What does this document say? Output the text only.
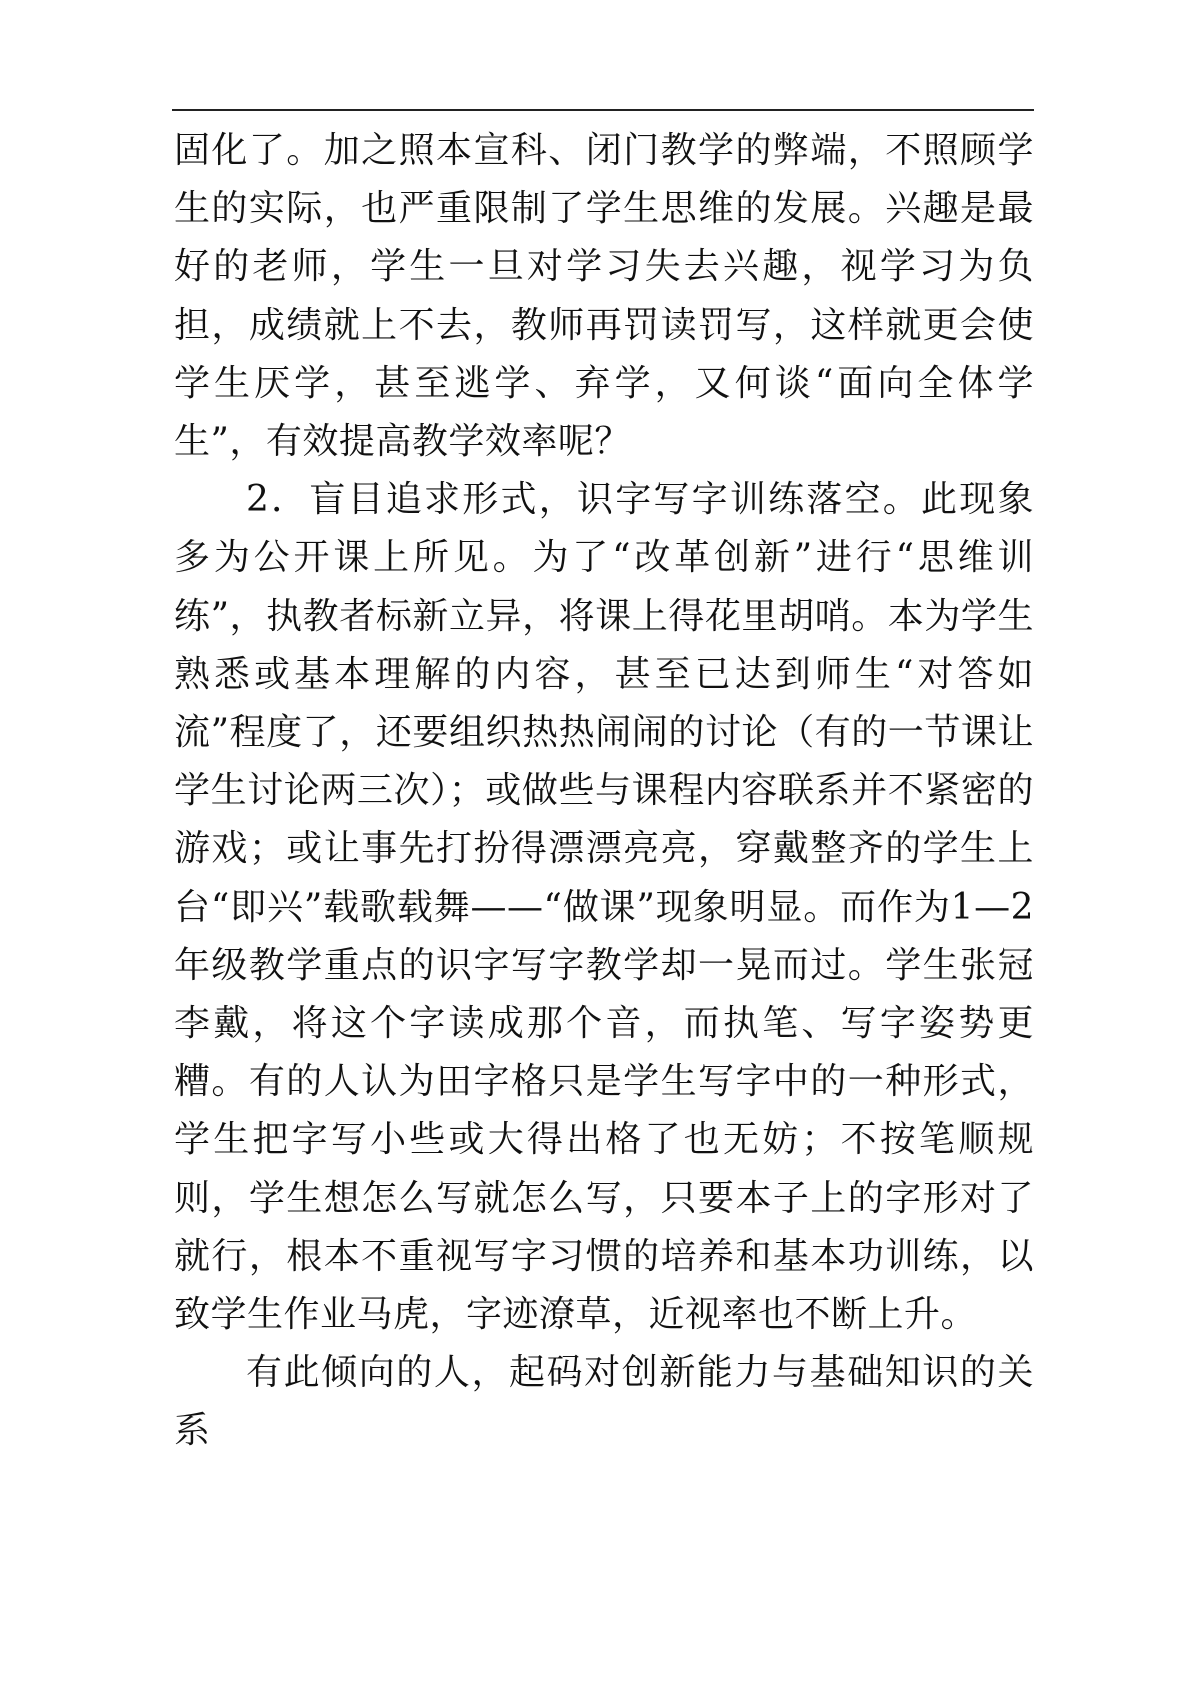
固化了。加之照本宣科、闭门教学的弊端，不照顾学生的实际，也严重限制了学生思维的发展。兴趣是最好的老师，学生一旦对学习失去兴趣，视学习为负担，成绩就上不去，教师再罚读罚写，这样就更会使学生厌学，甚至逃学、弃学，又何谈“面向全体学生”，有效提高教学效率呢？

2．盲目追求形式，识字写字训练落空。此现象多为公开课上所见。为了“改革创新”进行“思维训练”，执教者标新立异，将课上得花里胡哨。本为学生熟悉或基本理解的内容，甚至已达到师生“对答如流”程度了，还要组织热热闹闹的讨论（有的一节课让学生讨论两三次）；或做些与课程内容联系并不紧密的游戏；或让事先打扮得漂漂亮亮，穿戴整齐的学生上台“即兴”载歌载舞——“做课”现象明显。而作为1—2年级教学重点的识字写字教学却一晃而过。学生张冠李戴，将这个字读成那个音，而执笔、写字姿势更糟。有的人认为田字格只是学生写字中的一种形式，学生把字写小些或大得出格了也无妨；不按笔顺规则，学生想怎么写就怎么写，只要本子上的字形对了就行，根本不重视写字习惯的培养和基本功训练，以致学生作业马虎，字迹潦草，近视率也不断上升。

有此倾向的人，起码对创新能力与基础知识的关系
